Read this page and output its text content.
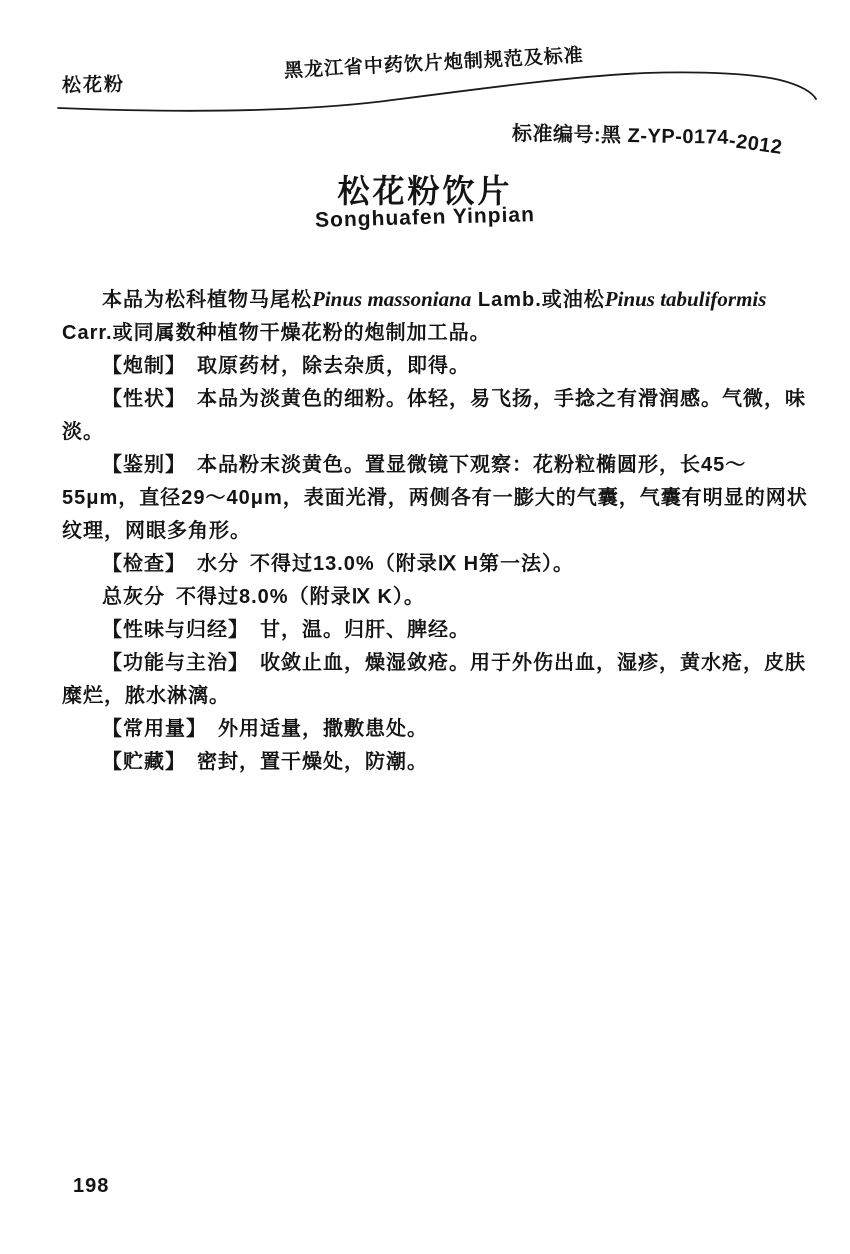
松花粉
黑龙江省中药饮片炮制规范及标准
标准编号:黑 Z-YP-0174-2012
松花粉饮片
Songhuafen Yinpian

本品为松科植物马尾松Pinus massoniana Lamb.或油松Pinus tabuliformis Carr.或同属数种植物干燥花粉的炮制加工品。

【炮制】 取原药材，除去杂质，即得。

【性状】 本品为淡黄色的细粉。体轻，易飞扬，手捻之有滑润感。气微，味淡。

【鉴别】 本品粉末淡黄色。置显微镜下观察：花粉粒椭圆形，长45～55μm，直径29～40μm，表面光滑，两侧各有一膨大的气囊，气囊有明显的网状纹理，网眼多角形。

【检查】 水分 不得过13.0%（附录Ⅸ H第一法）。

总灰分 不得过8.0%（附录Ⅸ K）。

【性味与归经】 甘，温。归肝、脾经。

【功能与主治】 收敛止血，燥湿敛疮。用于外伤出血，湿疹，黄水疮，皮肤糜烂，脓水淋漓。

【常用量】 外用适量，撒敷患处。

【贮藏】 密封，置干燥处，防潮。

198
